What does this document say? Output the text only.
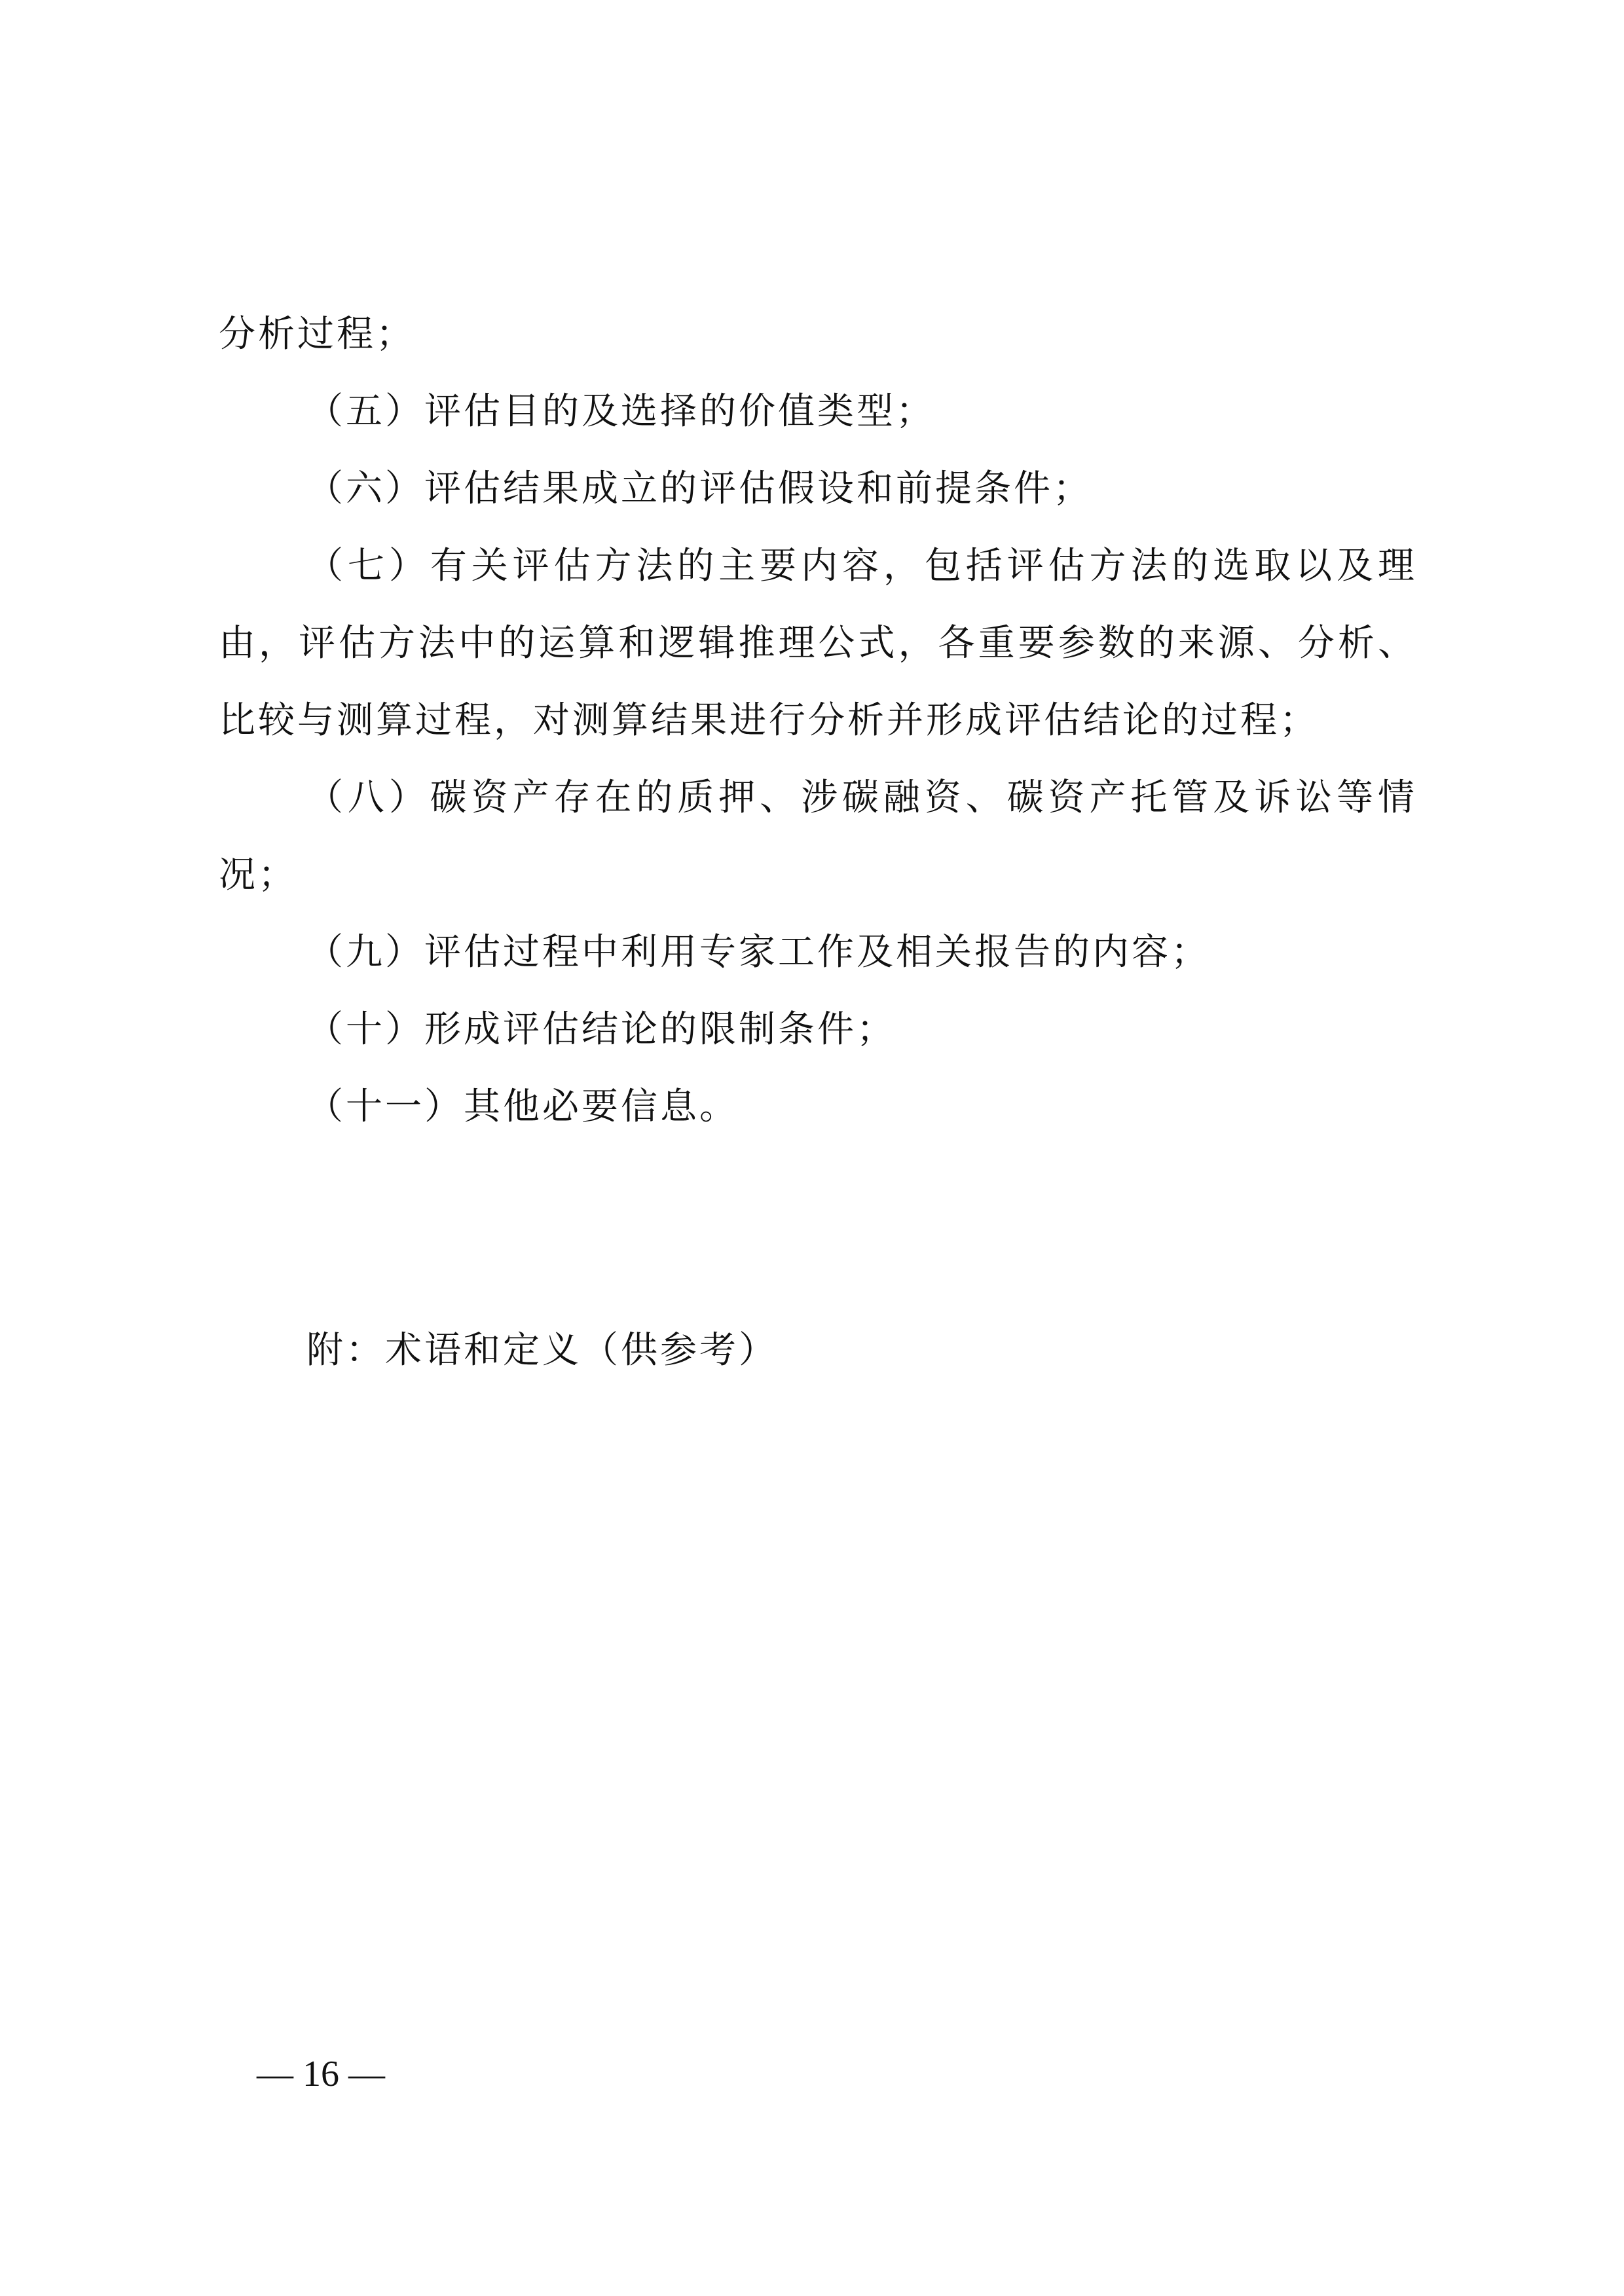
分析过程；

（五）评估目的及选择的价值类型；

（六）评估结果成立的评估假设和前提条件；

（七）有关评估方法的主要内容，包括评估方法的选取以及理由，评估方法中的运算和逻辑推理公式，各重要参数的来源、分析、比较与测算过程，对测算结果进行分析并形成评估结论的过程；

（八）碳资产存在的质押、涉碳融资、碳资产托管及诉讼等情况；

（九）评估过程中利用专家工作及相关报告的内容；

（十）形成评估结论的限制条件；

（十一）其他必要信息。

附：术语和定义（供参考）
— 16 —
